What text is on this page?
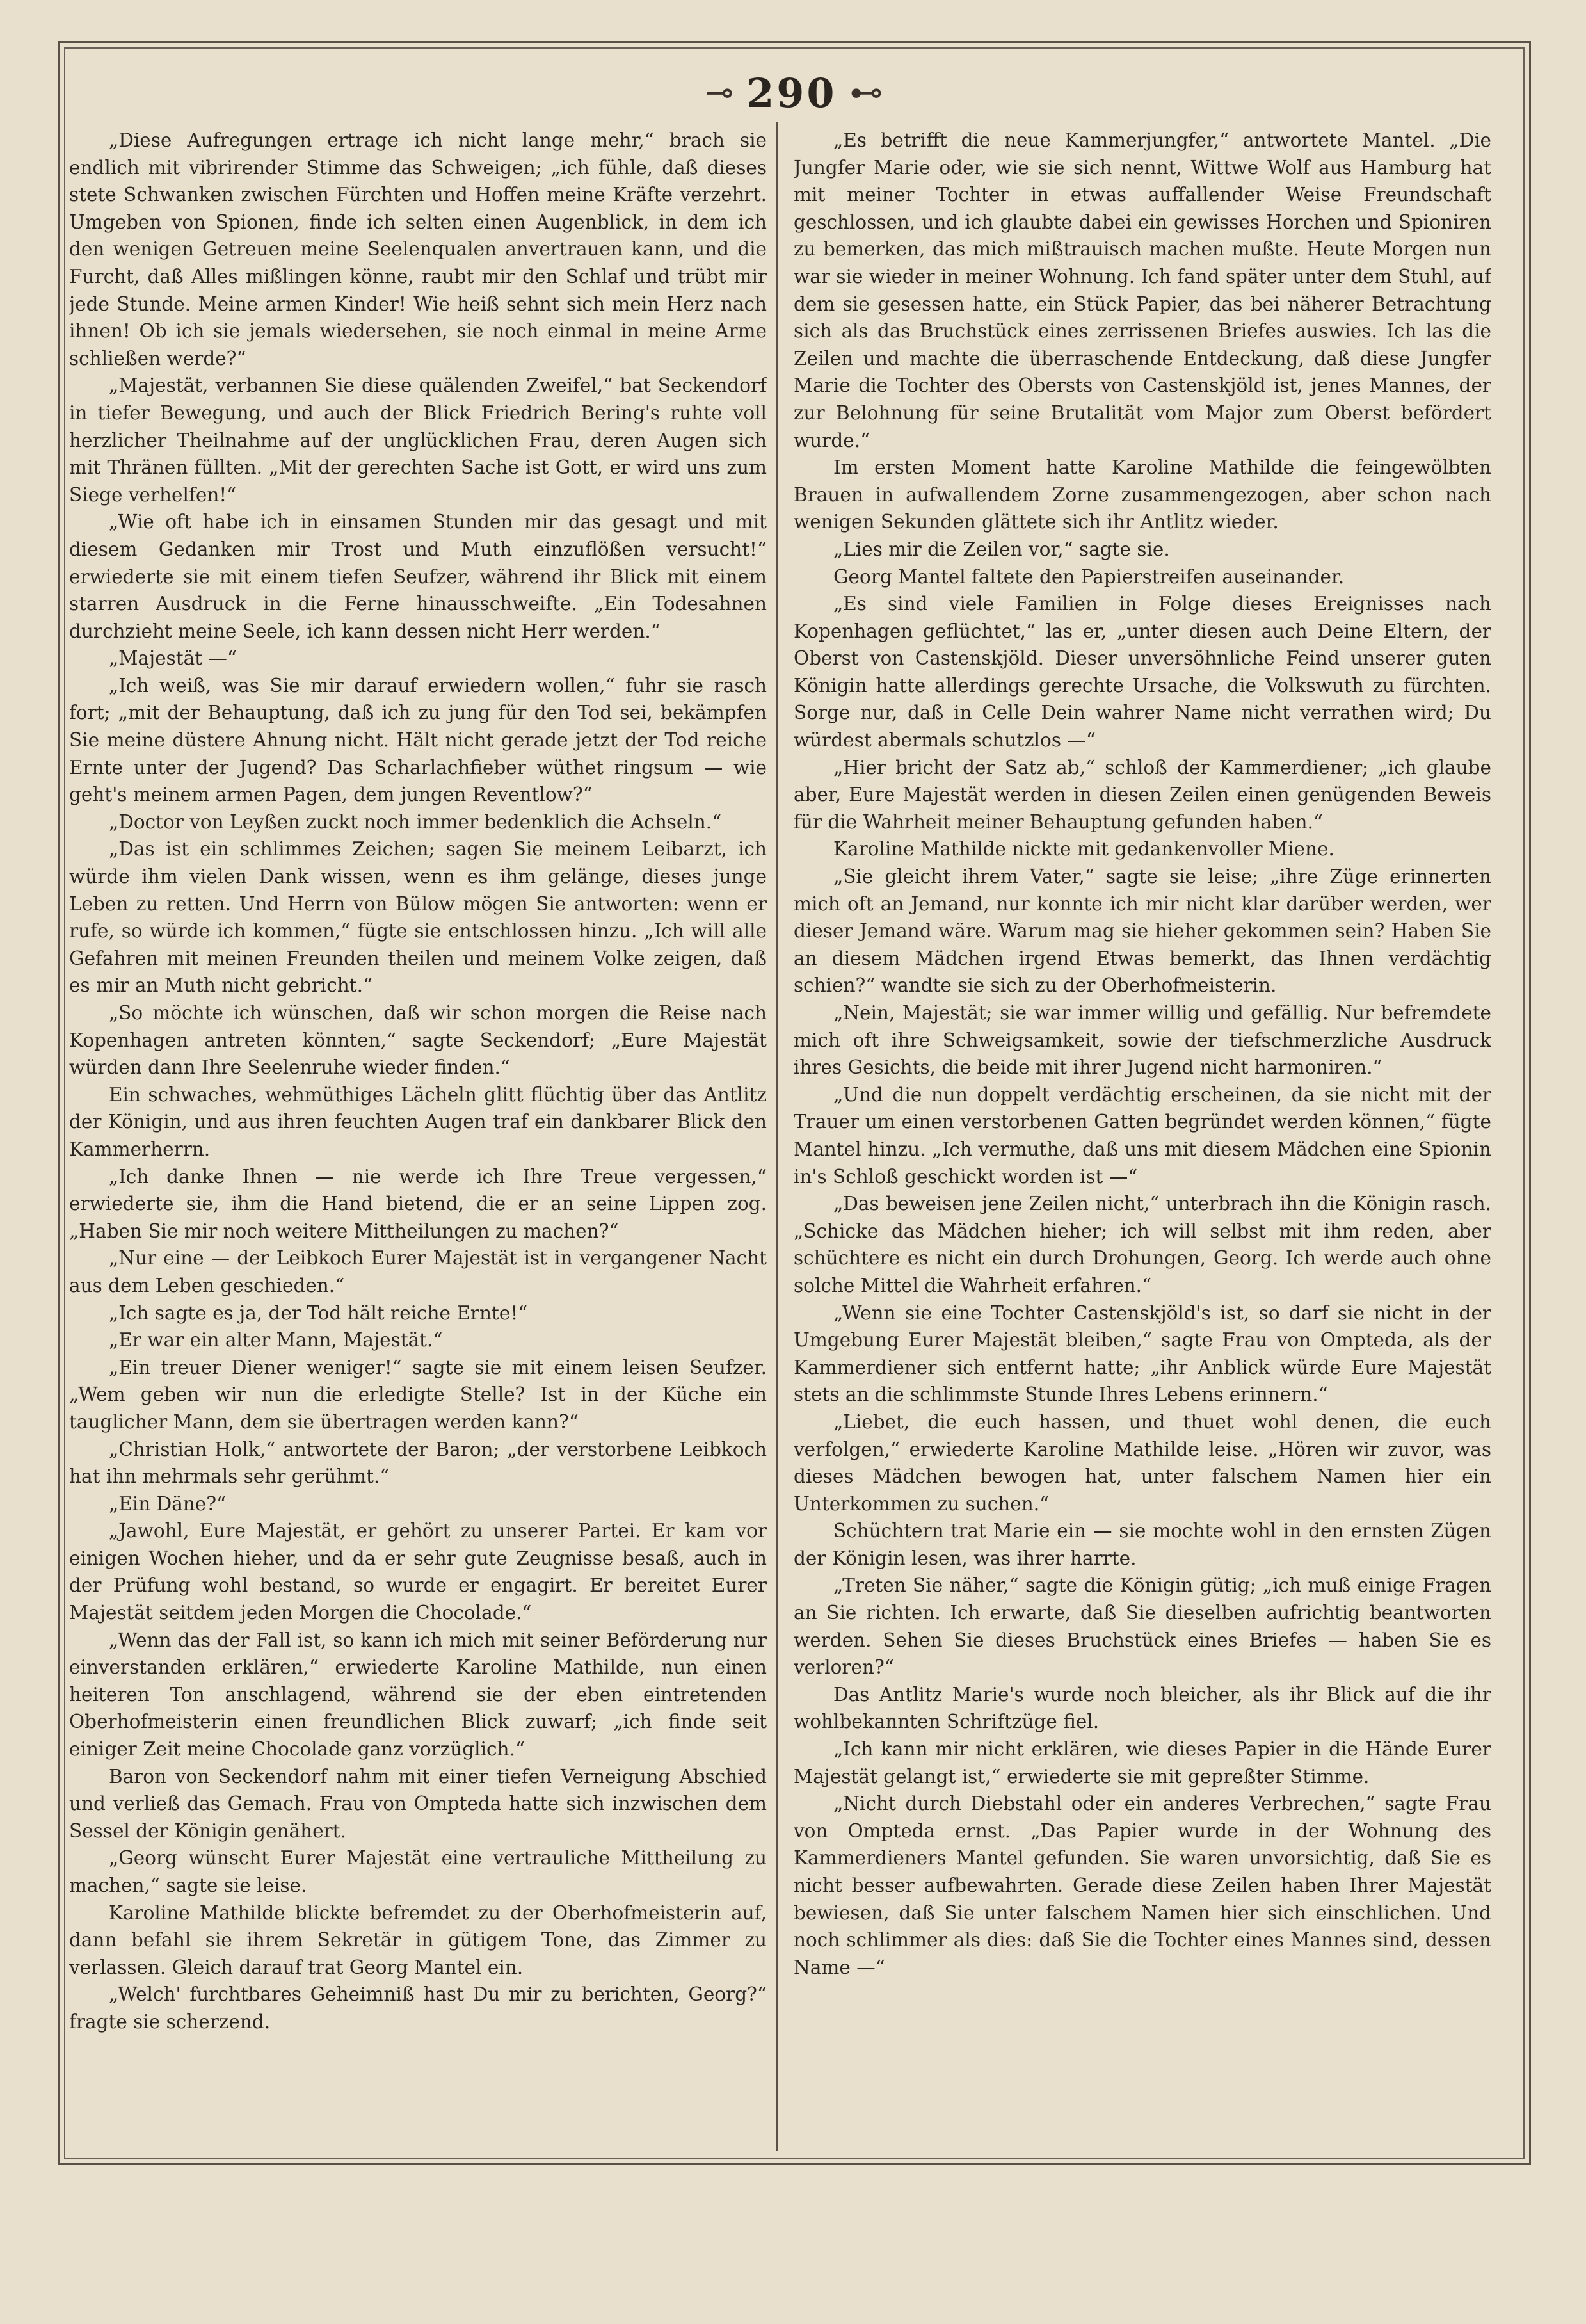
⊸ 290 ⊷

„Diese Aufregungen ertrage ich nicht lange mehr,“ brach sie endlich mit vibrirender Stimme das Schweigen; „ich fühle, daß dieses stete Schwanken zwischen Fürchten und Hoffen meine Kräfte verzehrt. Umgeben von Spionen, finde ich selten einen Augenblick, in dem ich den wenigen Getreuen meine Seelenqualen anvertrauen kann, und die Furcht, daß Alles mißlingen könne, raubt mir den Schlaf und trübt mir jede Stunde. Meine armen Kinder! Wie heiß sehnt sich mein Herz nach ihnen! Ob ich sie jemals wiedersehen, sie noch einmal in meine Arme schließen werde?“

„Majestät, verbannen Sie diese quälenden Zweifel,“ bat Seckendorf in tiefer Bewegung, und auch der Blick Friedrich Bering's ruhte voll herzlicher Theilnahme auf der unglücklichen Frau, deren Augen sich mit Thränen füllten. „Mit der gerechten Sache ist Gott, er wird uns zum Siege verhelfen!“

„Wie oft habe ich in einsamen Stunden mir das gesagt und mit diesem Gedanken mir Trost und Muth einzuflößen versucht!“ erwiederte sie mit einem tiefen Seufzer, während ihr Blick mit einem starren Ausdruck in die Ferne hinausschweifte. „Ein Todesahnen durchzieht meine Seele, ich kann dessen nicht Herr werden.“

„Majestät —“

„Ich weiß, was Sie mir darauf erwiedern wollen,“ fuhr sie rasch fort; „mit der Behauptung, daß ich zu jung für den Tod sei, bekämpfen Sie meine düstere Ahnung nicht. Hält nicht gerade jetzt der Tod reiche Ernte unter der Jugend? Das Scharlachfieber wüthet ringsum — wie geht's meinem armen Pagen, dem jungen Reventlow?“

„Doctor von Leyßen zuckt noch immer bedenklich die Achseln.“

„Das ist ein schlimmes Zeichen; sagen Sie meinem Leibarzt, ich würde ihm vielen Dank wissen, wenn es ihm gelänge, dieses junge Leben zu retten. Und Herrn von Bülow mögen Sie antworten: wenn er rufe, so würde ich kommen,“ fügte sie entschlossen hinzu. „Ich will alle Gefahren mit meinen Freunden theilen und meinem Volke zeigen, daß es mir an Muth nicht gebricht.“

„So möchte ich wünschen, daß wir schon morgen die Reise nach Kopenhagen antreten könnten,“ sagte Seckendorf; „Eure Majestät würden dann Ihre Seelenruhe wieder finden.“

Ein schwaches, wehmüthiges Lächeln glitt flüchtig über das Antlitz der Königin, und aus ihren feuchten Augen traf ein dankbarer Blick den Kammerherrn.

„Ich danke Ihnen — nie werde ich Ihre Treue vergessen,“ erwiederte sie, ihm die Hand bietend, die er an seine Lippen zog. „Haben Sie mir noch weitere Mittheilungen zu machen?“

„Nur eine — der Leibkoch Eurer Majestät ist in vergangener Nacht aus dem Leben geschieden.“

„Ich sagte es ja, der Tod hält reiche Ernte!“

„Er war ein alter Mann, Majestät.“

„Ein treuer Diener weniger!“ sagte sie mit einem leisen Seufzer. „Wem geben wir nun die erledigte Stelle? Ist in der Küche ein tauglicher Mann, dem sie übertragen werden kann?“

„Christian Holk,“ antwortete der Baron; „der verstorbene Leibkoch hat ihn mehrmals sehr gerühmt.“

„Ein Däne?“

„Jawohl, Eure Majestät, er gehört zu unserer Partei. Er kam vor einigen Wochen hieher, und da er sehr gute Zeugnisse besaß, auch in der Prüfung wohl bestand, so wurde er engagirt. Er bereitet Eurer Majestät seitdem jeden Morgen die Chocolade.“

„Wenn das der Fall ist, so kann ich mich mit seiner Beförderung nur einverstanden erklären,“ erwiederte Karoline Mathilde, nun einen heiteren Ton anschlagend, während sie der eben eintretenden Oberhofmeisterin einen freundlichen Blick zuwarf; „ich finde seit einiger Zeit meine Chocolade ganz vorzüglich.“

Baron von Seckendorf nahm mit einer tiefen Verneigung Abschied und verließ das Gemach. Frau von Ompteda hatte sich inzwischen dem Sessel der Königin genähert.

„Georg wünscht Eurer Majestät eine vertrauliche Mittheilung zu machen,“ sagte sie leise.

Karoline Mathilde blickte befremdet zu der Oberhofmeisterin auf, dann befahl sie ihrem Sekretär in gütigem Tone, das Zimmer zu verlassen. Gleich darauf trat Georg Mantel ein.

„Welch' furchtbares Geheimniß hast Du mir zu berichten, Georg?“ fragte sie scherzend.

„Es betrifft die neue Kammerjungfer,“ antwortete Mantel. „Die Jungfer Marie oder, wie sie sich nennt, Wittwe Wolf aus Hamburg hat mit meiner Tochter in etwas auffallender Weise Freundschaft geschlossen, und ich glaubte dabei ein gewisses Horchen und Spioniren zu bemerken, das mich mißtrauisch machen mußte. Heute Morgen nun war sie wieder in meiner Wohnung. Ich fand später unter dem Stuhl, auf dem sie gesessen hatte, ein Stück Papier, das bei näherer Betrachtung sich als das Bruchstück eines zerrissenen Briefes auswies. Ich las die Zeilen und machte die überraschende Entdeckung, daß diese Jungfer Marie die Tochter des Obersts von Castenskjöld ist, jenes Mannes, der zur Belohnung für seine Brutalität vom Major zum Oberst befördert wurde.“

Im ersten Moment hatte Karoline Mathilde die feingewölbten Brauen in aufwallendem Zorne zusammengezogen, aber schon nach wenigen Sekunden glättete sich ihr Antlitz wieder.

„Lies mir die Zeilen vor,“ sagte sie.

Georg Mantel faltete den Papierstreifen auseinander.

„Es sind viele Familien in Folge dieses Ereignisses nach Kopenhagen geflüchtet,“ las er, „unter diesen auch Deine Eltern, der Oberst von Castenskjöld. Dieser unversöhnliche Feind unserer guten Königin hatte allerdings gerechte Ursache, die Volkswuth zu fürchten. Sorge nur, daß in Celle Dein wahrer Name nicht verrathen wird; Du würdest abermals schutzlos —“

„Hier bricht der Satz ab,“ schloß der Kammerdiener; „ich glaube aber, Eure Majestät werden in diesen Zeilen einen genügenden Beweis für die Wahrheit meiner Behauptung gefunden haben.“

Karoline Mathilde nickte mit gedankenvoller Miene.

„Sie gleicht ihrem Vater,“ sagte sie leise; „ihre Züge erinnerten mich oft an Jemand, nur konnte ich mir nicht klar darüber werden, wer dieser Jemand wäre. Warum mag sie hieher gekommen sein? Haben Sie an diesem Mädchen irgend Etwas bemerkt, das Ihnen verdächtig schien?“ wandte sie sich zu der Oberhofmeisterin.

„Nein, Majestät; sie war immer willig und gefällig. Nur befremdete mich oft ihre Schweigsamkeit, sowie der tiefschmerzliche Ausdruck ihres Gesichts, die beide mit ihrer Jugend nicht harmoniren.“

„Und die nun doppelt verdächtig erscheinen, da sie nicht mit der Trauer um einen verstorbenen Gatten begründet werden können,“ fügte Mantel hinzu. „Ich vermuthe, daß uns mit diesem Mädchen eine Spionin in's Schloß geschickt worden ist —“

„Das beweisen jene Zeilen nicht,“ unterbrach ihn die Königin rasch. „Schicke das Mädchen hieher; ich will selbst mit ihm reden, aber schüchtere es nicht ein durch Drohungen, Georg. Ich werde auch ohne solche Mittel die Wahrheit erfahren.“

„Wenn sie eine Tochter Castenskjöld's ist, so darf sie nicht in der Umgebung Eurer Majestät bleiben,“ sagte Frau von Ompteda, als der Kammerdiener sich entfernt hatte; „ihr Anblick würde Eure Majestät stets an die schlimmste Stunde Ihres Lebens erinnern.“

„Liebet, die euch hassen, und thuet wohl denen, die euch verfolgen,“ erwiederte Karoline Mathilde leise. „Hören wir zuvor, was dieses Mädchen bewogen hat, unter falschem Namen hier ein Unterkommen zu suchen.“

Schüchtern trat Marie ein — sie mochte wohl in den ernsten Zügen der Königin lesen, was ihrer harrte.

„Treten Sie näher,“ sagte die Königin gütig; „ich muß einige Fragen an Sie richten. Ich erwarte, daß Sie dieselben aufrichtig beantworten werden. Sehen Sie dieses Bruchstück eines Briefes — haben Sie es verloren?“

Das Antlitz Marie's wurde noch bleicher, als ihr Blick auf die ihr wohlbekannten Schriftzüge fiel.

„Ich kann mir nicht erklären, wie dieses Papier in die Hände Eurer Majestät gelangt ist,“ erwiederte sie mit gepreßter Stimme.

„Nicht durch Diebstahl oder ein anderes Verbrechen,“ sagte Frau von Ompteda ernst. „Das Papier wurde in der Wohnung des Kammerdieners Mantel gefunden. Sie waren unvorsichtig, daß Sie es nicht besser aufbewahrten. Gerade diese Zeilen haben Ihrer Majestät bewiesen, daß Sie unter falschem Namen hier sich einschlichen. Und noch schlimmer als dies: daß Sie die Tochter eines Mannes sind, dessen Name —“
